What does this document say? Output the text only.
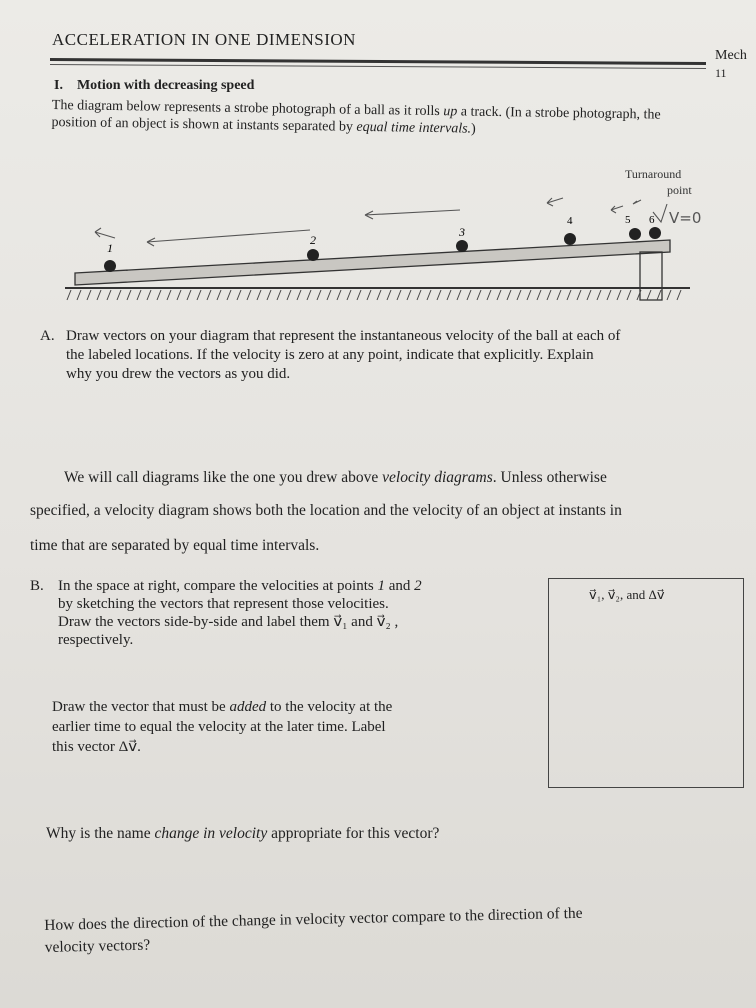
ACCELERATION IN ONE DIMENSION
Mech
11
I. Motion with decreasing speed
The diagram below represents a strobe photograph of a ball as it rolls up a track. (In a strobe photograph, the position of an object is shown at instants separated by equal time intervals.)
Turnaround
point
1
2
3
4	5 6 V=0
A. Draw vectors on your diagram that represent the instantaneous velocity of the ball at each of
the labeled locations. If the velocity is zero at any point, indicate that explicitly. Explain
why you drew the vectors as you did.
We will call diagrams like the one you drew above velocity diagrams. Unless otherwise
specified, a velocity diagram shows both the location and the velocity of an object at instants in
time that are separated by equal time intervals.
B. In the space at right, compare the velocities at points 1 and 2
by sketching the vectors that represent those velocities.
Draw the vectors side-by-side and label them v⃗₁ and v⃗₂ ,
respectively.
v⃗₁, v⃗₂, and Δv⃗
Draw the vector that must be added to the velocity at the
earlier time to equal the velocity at the later time. Label
this vector Δv⃗.
Why is the name change in velocity appropriate for this vector?
How does the direction of the change in velocity vector compare to the direction of the
velocity vectors?
